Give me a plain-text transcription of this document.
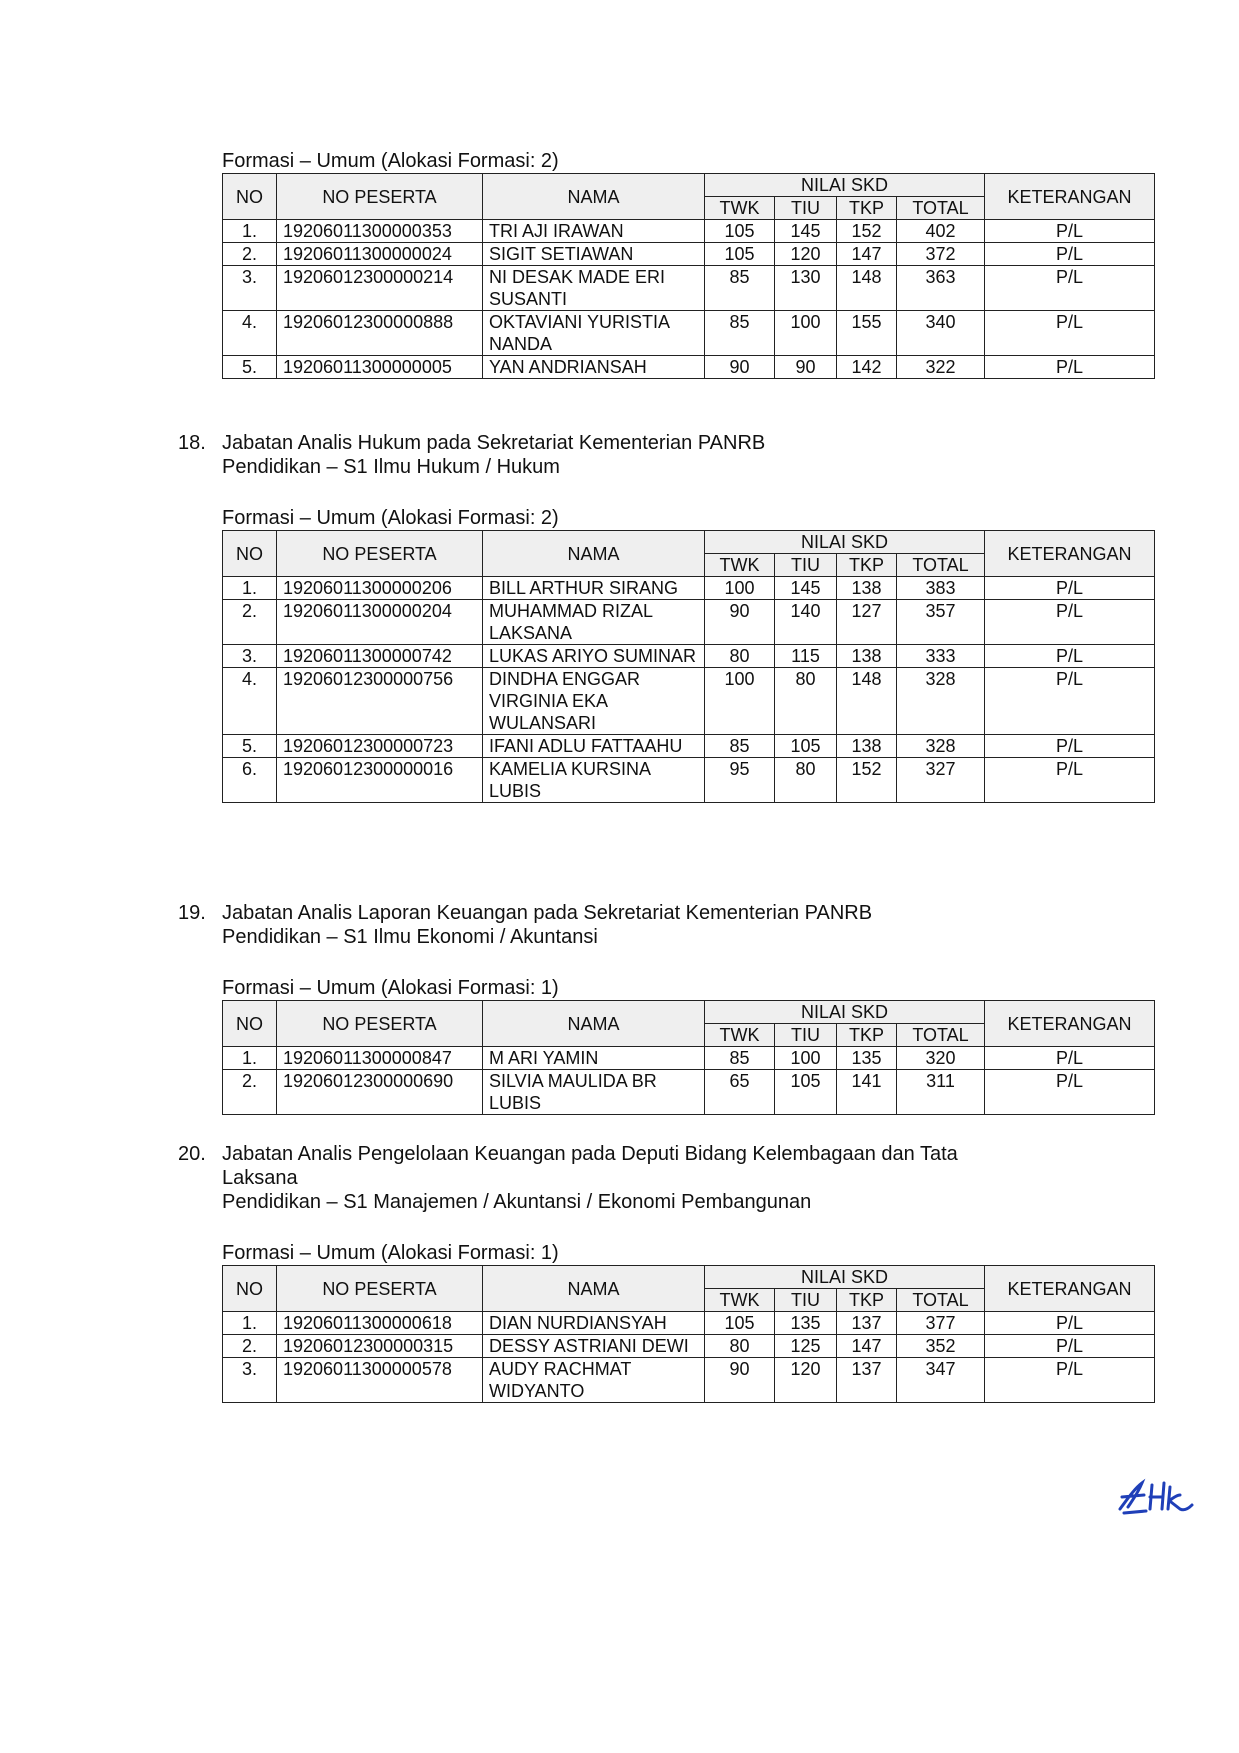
Formasi – Umum (Alokasi Formasi: 2)
NO	NO PESERTA	NAMA	NILAI SKD				KETERANGAN
			TWK	TIU	TKP	TOTAL	
1.	19206011300000353	TRI AJI IRAWAN	105	145	152	402	P/L
2.	19206011300000024	SIGIT SETIAWAN	105	120	147	372	P/L
3.	19206012300000214	NI DESAK MADE ERI SUSANTI	85	130	148	363	P/L
4.	19206012300000888	OKTAVIANI YURISTIA NANDA	85	100	155	340	P/L
5.	19206011300000005	YAN ANDRIANSAH	90	90	142	322	P/L
18. Jabatan Analis Hukum pada Sekretariat Kementerian PANRB
Pendidikan – S1 Ilmu Hukum / Hukum
Formasi – Umum (Alokasi Formasi: 2)
NO	NO PESERTA	NAMA	NILAI SKD				KETERANGAN
			TWK	TIU	TKP	TOTAL	
1.	19206011300000206	BILL ARTHUR SIRANG	100	145	138	383	P/L
2.	19206011300000204	MUHAMMAD RIZAL LAKSANA	90	140	127	357	P/L
3.	19206011300000742	LUKAS ARIYO SUMINAR	80	115	138	333	P/L
4.	19206012300000756	DINDHA ENGGAR VIRGINIA EKA WULANSARI	100	80	148	328	P/L
5.	19206012300000723	IFANI ADLU FATTAAHU	85	105	138	328	P/L
6.	19206012300000016	KAMELIA KURSINA LUBIS	95	80	152	327	P/L
19. Jabatan Analis Laporan Keuangan pada Sekretariat Kementerian PANRB
Pendidikan – S1 Ilmu Ekonomi / Akuntansi
Formasi – Umum (Alokasi Formasi: 1)
NO	NO PESERTA	NAMA	NILAI SKD				KETERANGAN
			TWK	TIU	TKP	TOTAL	
1.	19206011300000847	M ARI YAMIN	85	100	135	320	P/L
2.	19206012300000690	SILVIA MAULIDA BR LUBIS	65	105	141	311	P/L
20. Jabatan Analis Pengelolaan Keuangan pada Deputi Bidang Kelembagaan dan Tata
Laksana
Pendidikan – S1 Manajemen / Akuntansi / Ekonomi Pembangunan
Formasi – Umum (Alokasi Formasi: 1)
NO	NO PESERTA	NAMA	NILAI SKD				KETERANGAN
			TWK	TIU	TKP	TOTAL	
1.	19206011300000618	DIAN NURDIANSYAH	105	135	137	377	P/L
2.	19206012300000315	DESSY ASTRIANI DEWI	80	125	147	352	P/L
3.	19206011300000578	AUDY RACHMAT WIDYANTO	90	120	137	347	P/L
